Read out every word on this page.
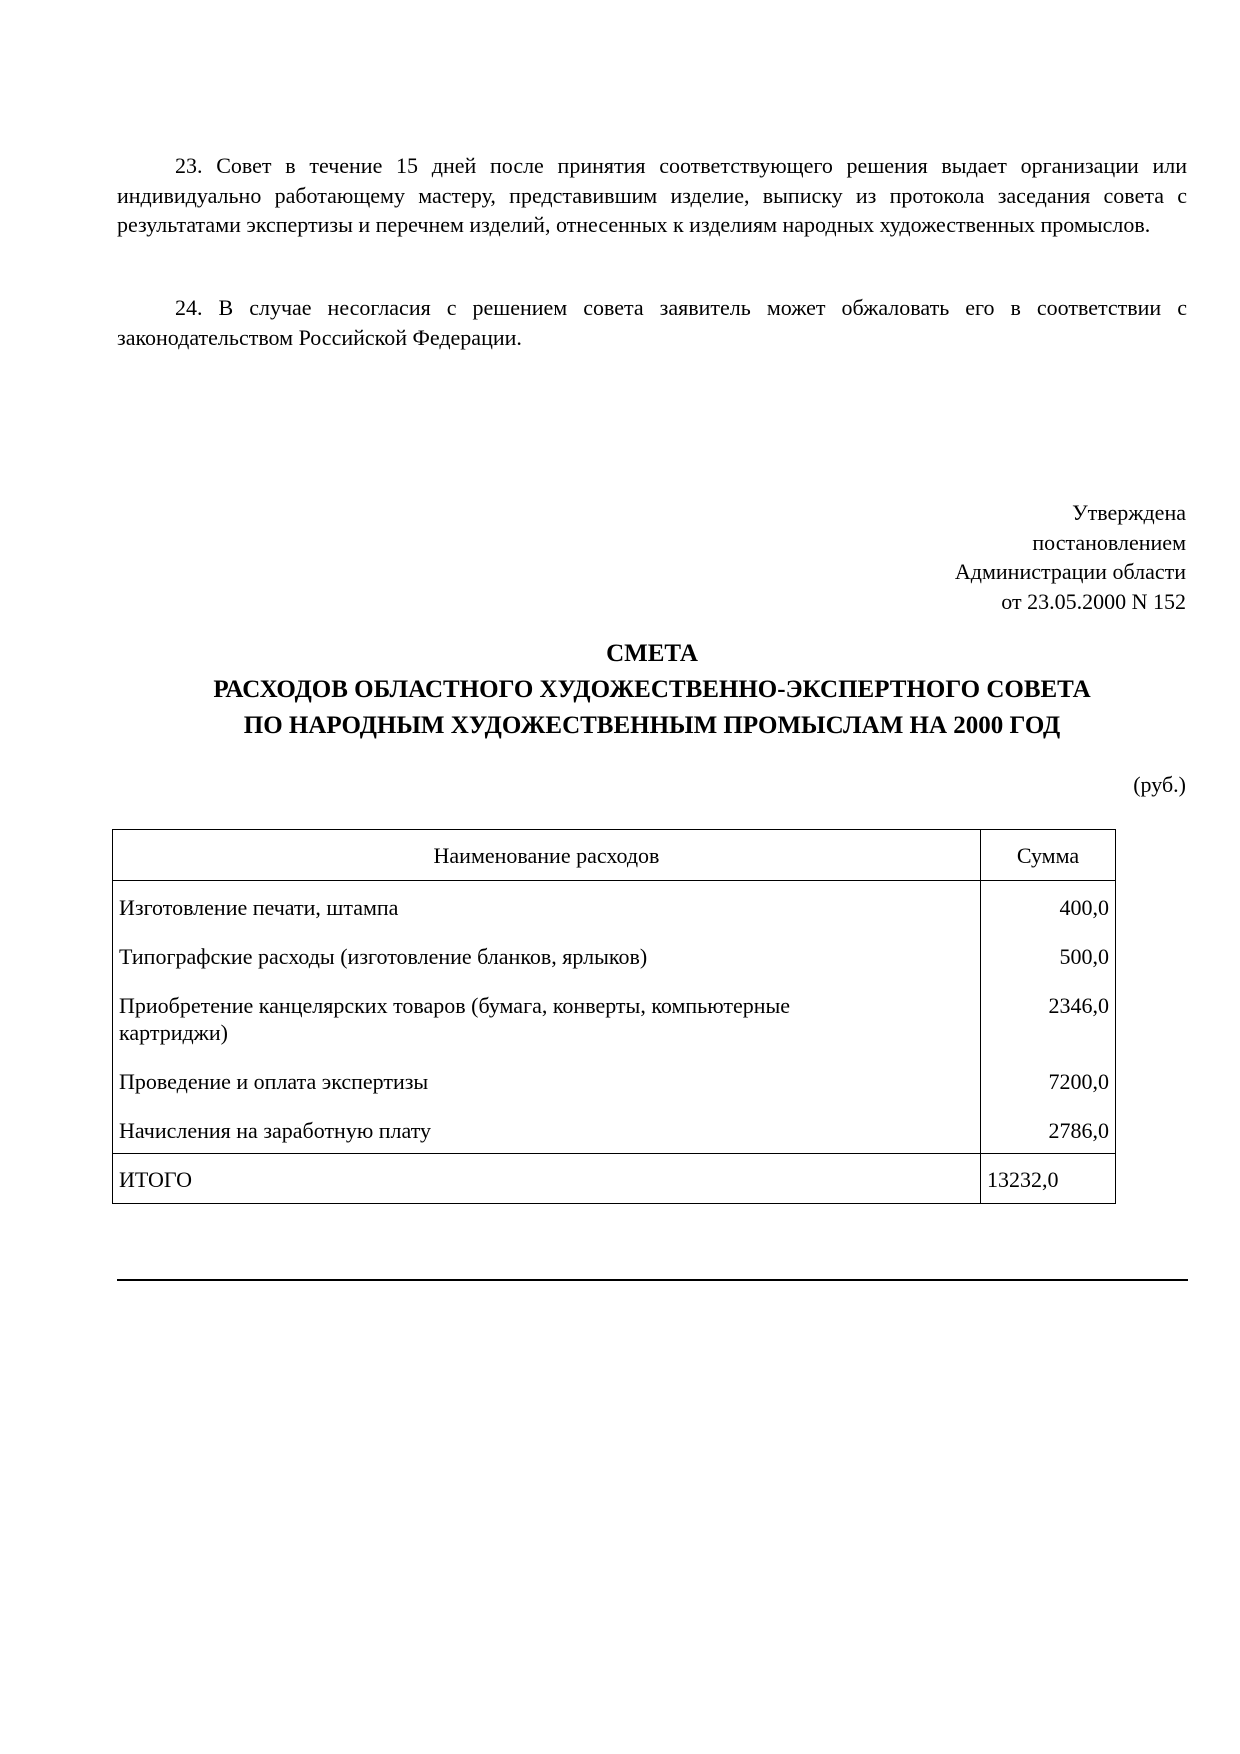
23. Совет в течение 15 дней после принятия соответствующего решения выдает организации или индивидуально работающему мастеру, представившим изделие, выписку из протокола заседания совета с результатами экспертизы и перечнем изделий, отнесенных к изделиям народных художественных промыслов.

24. В случае несогласия с решением совета заявитель может обжаловать его в соответствии с законодательством Российской Федерации.

Утверждена
постановлением
Администрации области
от 23.05.2000 N 152
СМЕТА
РАСХОДОВ ОБЛАСТНОГО ХУДОЖЕСТВЕННО-ЭКСПЕРТНОГО СОВЕТА
ПО НАРОДНЫМ ХУДОЖЕСТВЕННЫМ ПРОМЫСЛАМ НА 2000 ГОД
(руб.)
Наименование расходов	Сумма
Изготовление печати, штампа	400,0
Типографские расходы (изготовление бланков, ярлыков)	500,0
Приобретение канцелярских товаров (бумага, конверты, компьютерные картриджи)	2346,0
Проведение и оплата экспертизы	7200,0
Начисления на заработную плату	2786,0
ИТОГО	13232,0
